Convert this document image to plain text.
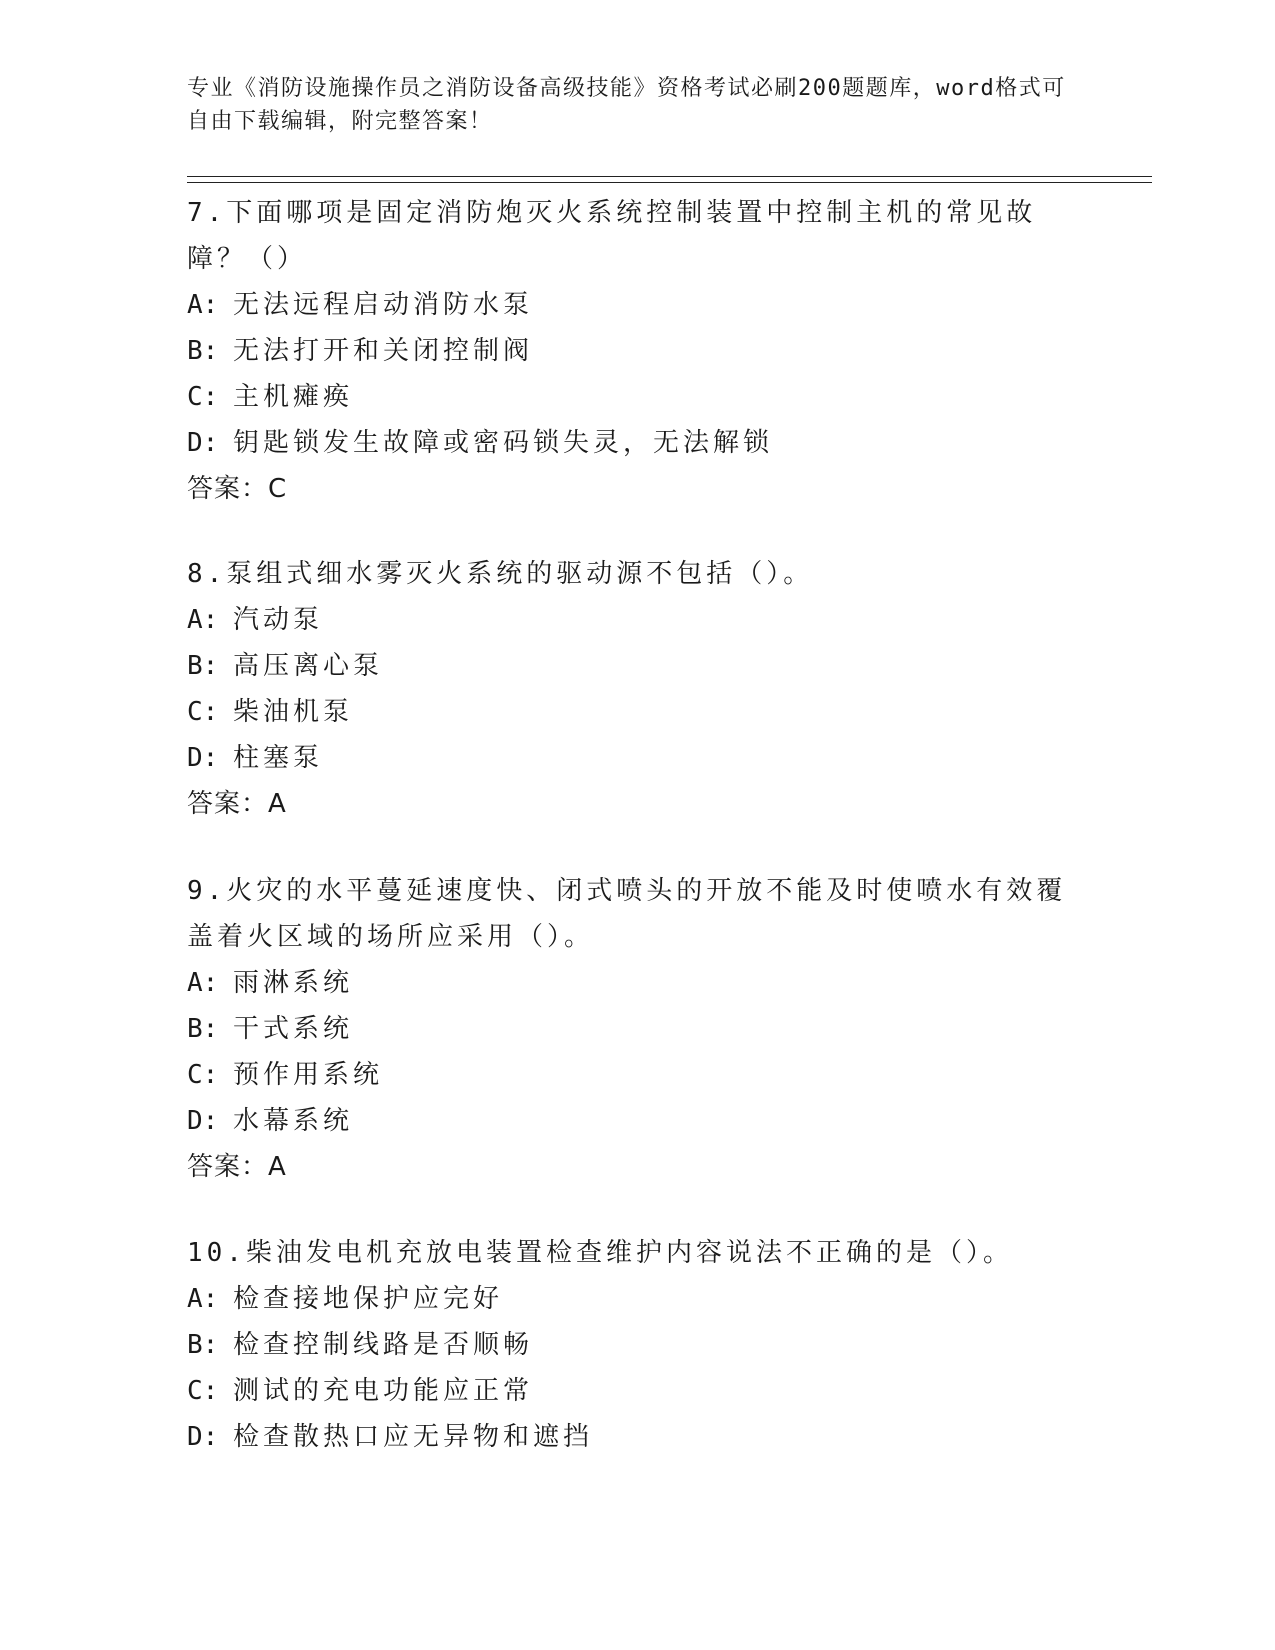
专业《消防设施操作员之消防设备高级技能》资格考试必刷200题题库，word格式可自由下载编辑，附完整答案！
7.下面哪项是固定消防炮灭火系统控制装置中控制主机的常见故障？（）
A: 无法远程启动消防水泵
B: 无法打开和关闭控制阀
C: 主机瘫痪
D: 钥匙锁发生故障或密码锁失灵，无法解锁
答案：C
8.泵组式细水雾灭火系统的驱动源不包括（）。
A: 汽动泵
B: 高压离心泵
C: 柴油机泵
D: 柱塞泵
答案：A
9.火灾的水平蔓延速度快、闭式喷头的开放不能及时使喷水有效覆盖着火区域的场所应采用（）。
A: 雨淋系统
B: 干式系统
C: 预作用系统
D: 水幕系统
答案：A
10.柴油发电机充放电装置检查维护内容说法不正确的是（）。
A: 检查接地保护应完好
B: 检查控制线路是否顺畅
C: 测试的充电功能应正常
D: 检查散热口应无异物和遮挡
